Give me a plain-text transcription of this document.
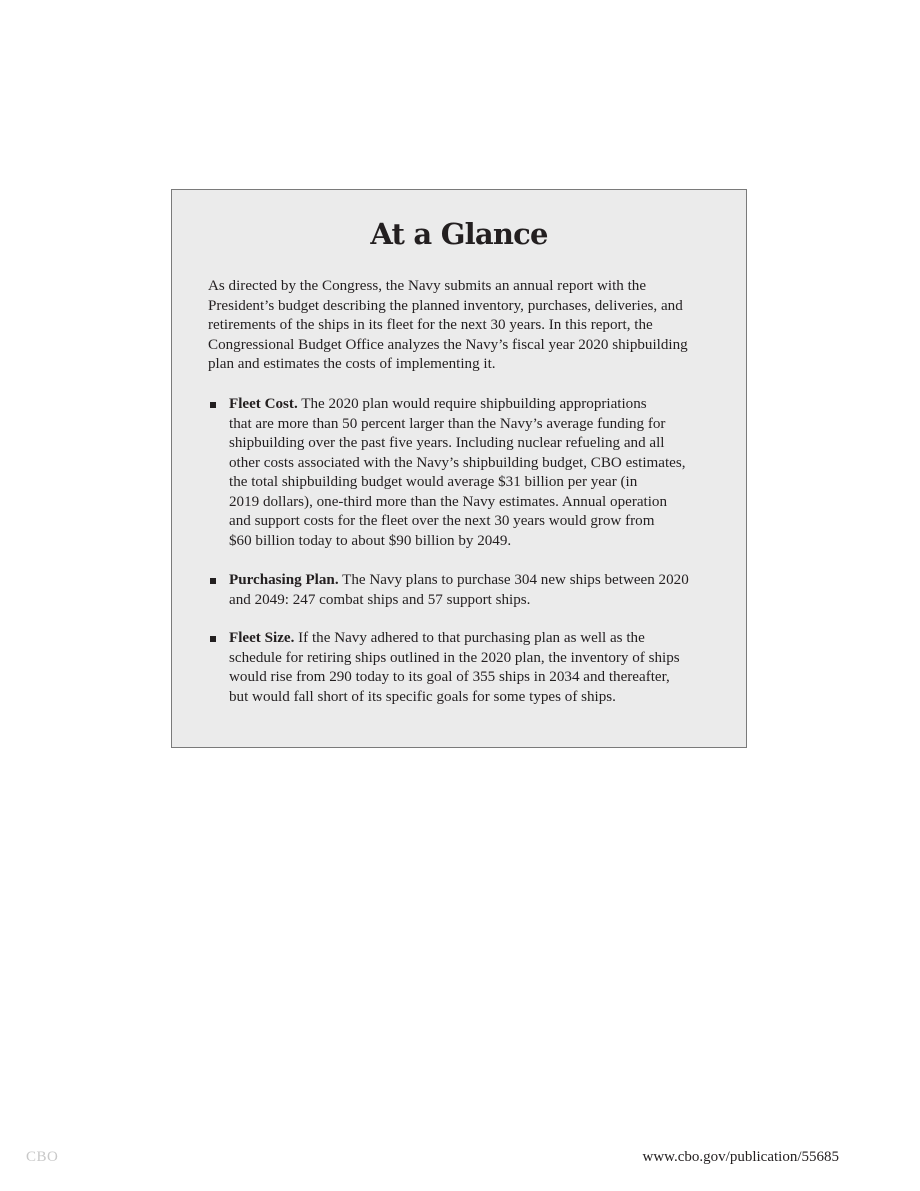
At a Glance

As directed by the Congress, the Navy submits an annual report with the
President’s budget describing the planned inventory, purchases, deliveries, and
retirements of the ships in its fleet for the next 30 years. In this report, the
Congressional Budget Office analyzes the Navy’s fiscal year 2020 shipbuilding
plan and estimates the costs of implementing it.

Fleet Cost. The 2020 plan would require shipbuilding appropriations
that are more than 50 percent larger than the Navy’s average funding for
shipbuilding over the past five years. Including nuclear refueling and all
other costs associated with the Navy’s shipbuilding budget, CBO estimates,
the total shipbuilding budget would average $31 billion per year (in
2019 dollars), one-third more than the Navy estimates. Annual operation
and support costs for the fleet over the next 30 years would grow from
$60 billion today to about $90 billion by 2049.
Purchasing Plan. The Navy plans to purchase 304 new ships between 2020
and 2049: 247 combat ships and 57 support ships.
Fleet Size. If the Navy adhered to that purchasing plan as well as the
schedule for retiring ships outlined in the 2020 plan, the inventory of ships
would rise from 290 today to its goal of 355 ships in 2034 and thereafter,
but would fall short of its specific goals for some types of ships.
CBO	www.cbo.gov/publication/55685
